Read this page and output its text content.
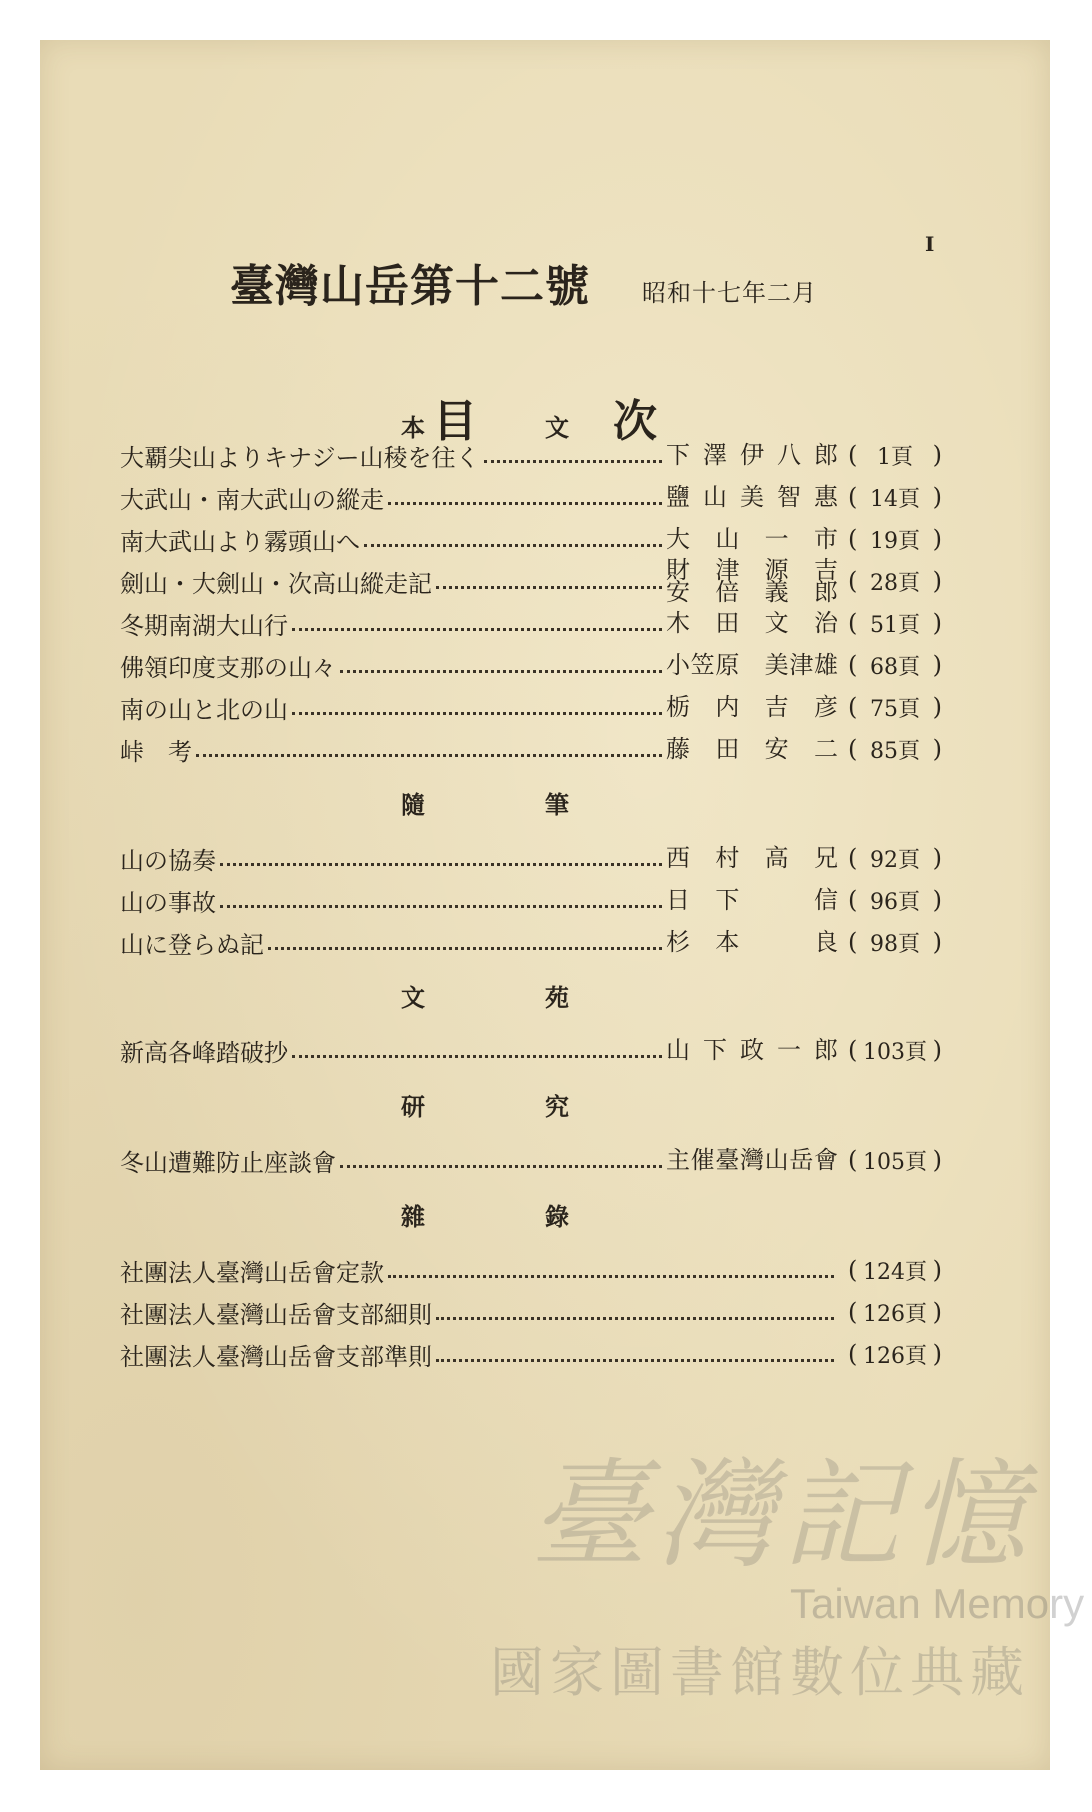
I
臺灣山岳第十二號 昭和十七年二月
目	次
本	文
大覇尖山よりキナジー山稜を往く	下澤伊八郎 ( 1頁 )
大武山・南大武山の縱走	鹽山美智惠 ( 14頁 )
南大武山より霧頭山へ	大山一市 ( 19頁 )
劍山・大劍山・次高山縱走記	財津源吉
安倍義郎 ( 28頁 )
冬期南湖大山行	木田文治 ( 51頁 )
佛領印度支那の山々	小笠原　美津雄 ( 68頁 )
南の山と北の山	栃内吉彦 ( 75頁 )
峠　考	藤田安二 ( 85頁 )
隨	筆
山の協奏	西村高兄 ( 92頁 )
山の事故	日下　信 ( 96頁 )
山に登らぬ記	杉本　良 ( 98頁 )
文	苑
新高各峰踏破抄	山下政一郎 ( 103頁 )
研	究
冬山遭難防止座談會	主催臺灣山岳會 ( 105頁 )
雜	錄
社團法人臺灣山岳會定款	( 124頁 )
社團法人臺灣山岳會支部細則	( 126頁 )
社團法人臺灣山岳會支部準則	( 126頁 )
臺灣記憶
Taiwan Memory
國家圖書館數位典藏
